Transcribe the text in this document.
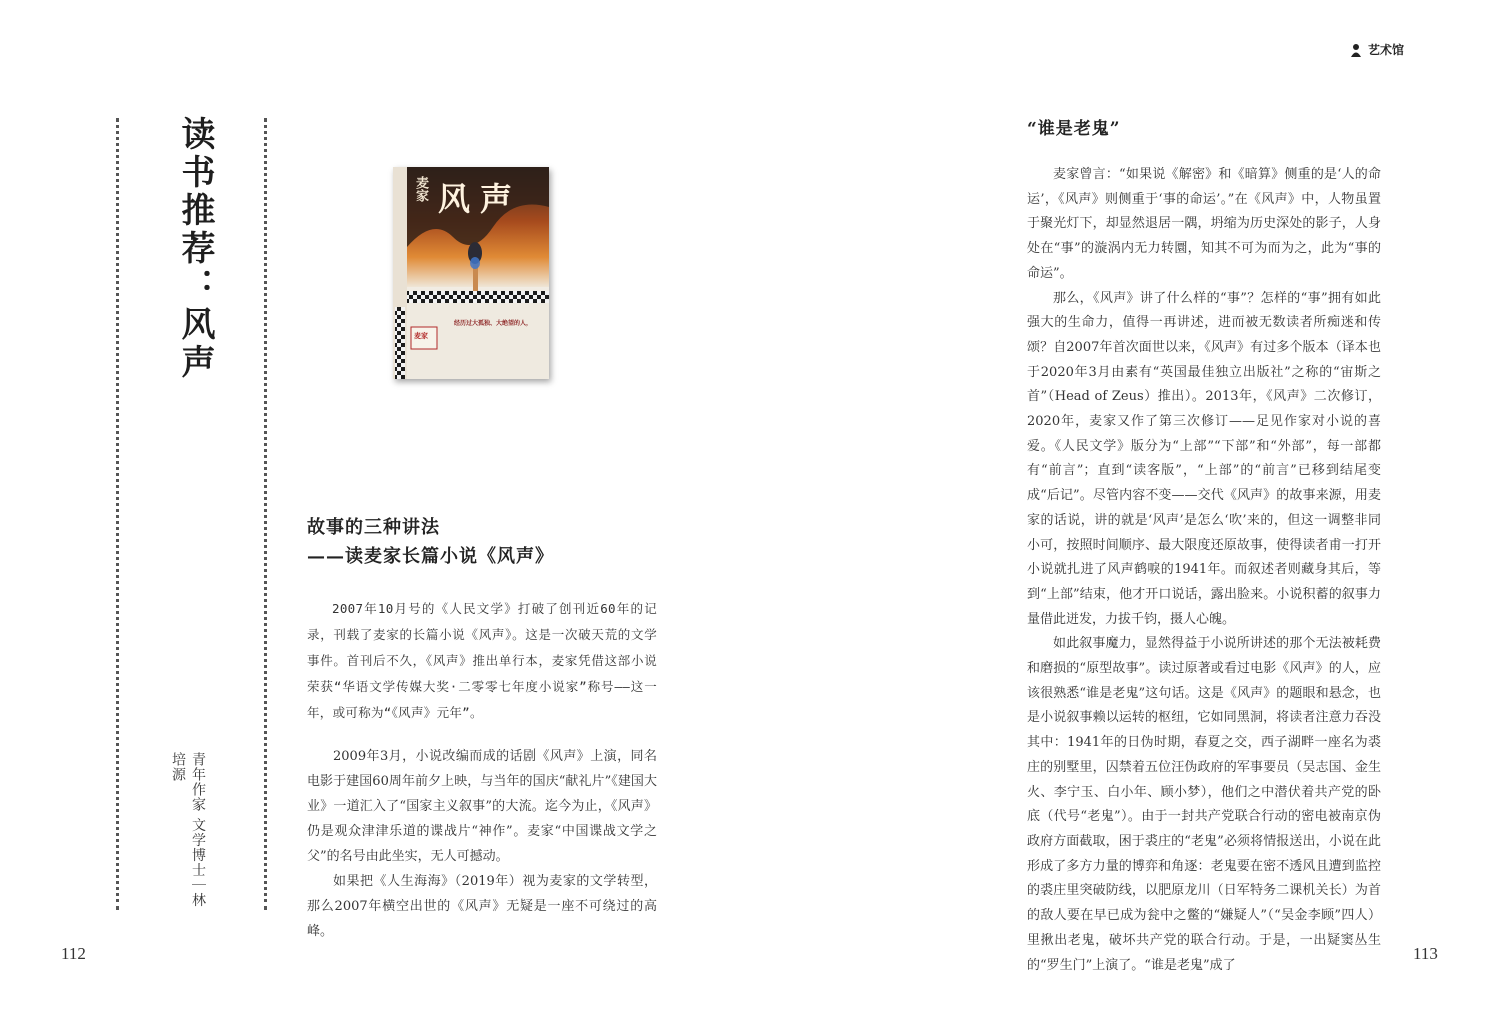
读书推荐：风声
青年作家 文学博士｜林培源
麦家 风声
经历过大孤独、大绝望的人，
麦家
故事的三种讲法
——读麦家长篇小说《风声》
2007年10月号的《人民文学》打破了创刊近60年的记录，刊载了麦家的长篇小说《风声》。这是一次破天荒的文学事件。首刊后不久，《风声》推出单行本，麦家凭借这部小说荣获“华语文学传媒大奖·二零零七年度小说家”称号——这一年，或可称为“《风声》元年”。
2009年3月，小说改编而成的话剧《风声》上演，同名电影于建国60周年前夕上映，与当年的国庆“献礼片”《建国大业》一道汇入了“国家主义叙事”的大流。迄今为止，《风声》仍是观众津津乐道的谍战片“神作”。麦家“中国谍战文学之父”的名号由此坐实，无人可撼动。
如果把《人生海海》（2019年）视为麦家的文学转型，那么2007年横空出世的《风声》无疑是一座不可绕过的高峰。
112
艺术馆
“谁是老鬼”

麦家曾言：“如果说《解密》和《暗算》侧重的是‘人的命运’，《风声》则侧重于‘事的命运’。”在《风声》中，人物虽置于聚光灯下，却显然退居一隅，坍缩为历史深处的影子，人身处在“事”的漩涡内无力转圜，知其不可为而为之，此为“事的命运”。

那么，《风声》讲了什么样的“事”？怎样的“事”拥有如此强大的生命力，值得一再讲述，进而被无数读者所痴迷和传颂？自2007年首次面世以来，《风声》有过多个版本（译本也于2020年3月由素有“英国最佳独立出版社”之称的“宙斯之首”（Head of Zeus）推出）。2013年，《风声》二次修订，2020年，麦家又作了第三次修订——足见作家对小说的喜爱。《人民文学》版分为“上部”“下部”和“外部”，每一部都有“前言”；直到“读客版”，“上部”的“前言”已移到结尾变成“后记”。尽管内容不变——交代《风声》的故事来源，用麦家的话说，讲的就是‘风声’是怎么‘吹’来的，但这一调整非同小可，按照时间顺序、最大限度还原故事，使得读者甫一打开小说就扎进了风声鹤唳的1941年。而叙述者则藏身其后，等到“上部”结束，他才开口说话，露出脸来。小说积蓄的叙事力量借此迸发，力拔千钧，摄人心魄。

如此叙事魔力，显然得益于小说所讲述的那个无法被耗费和磨损的“原型故事”。读过原著或看过电影《风声》的人，应该很熟悉“谁是老鬼”这句话。这是《风声》的题眼和悬念，也是小说叙事赖以运转的枢纽，它如同黑洞，将读者注意力吞没其中：1941年的日伪时期，春夏之交，西子湖畔一座名为裘庄的别墅里，囚禁着五位汪伪政府的军事要员（吴志国、金生火、李宁玉、白小年、顾小梦），他们之中潜伏着共产党的卧底（代号“老鬼”）。由于一封共产党联合行动的密电被南京伪政府方面截取，困于裘庄的“老鬼”必须将情报送出，小说在此形成了多方力量的博弈和角逐：老鬼要在密不透风且遭到监控的裘庄里突破防线，以肥原龙川（日军特务二课机关长）为首的敌人要在早已成为瓮中之鳖的“嫌疑人”（“吴金李顾”四人）里揪出老鬼，破坏共产党的联合行动。于是，一出疑窦丛生的“罗生门”上演了。“谁是老鬼”成了

113
